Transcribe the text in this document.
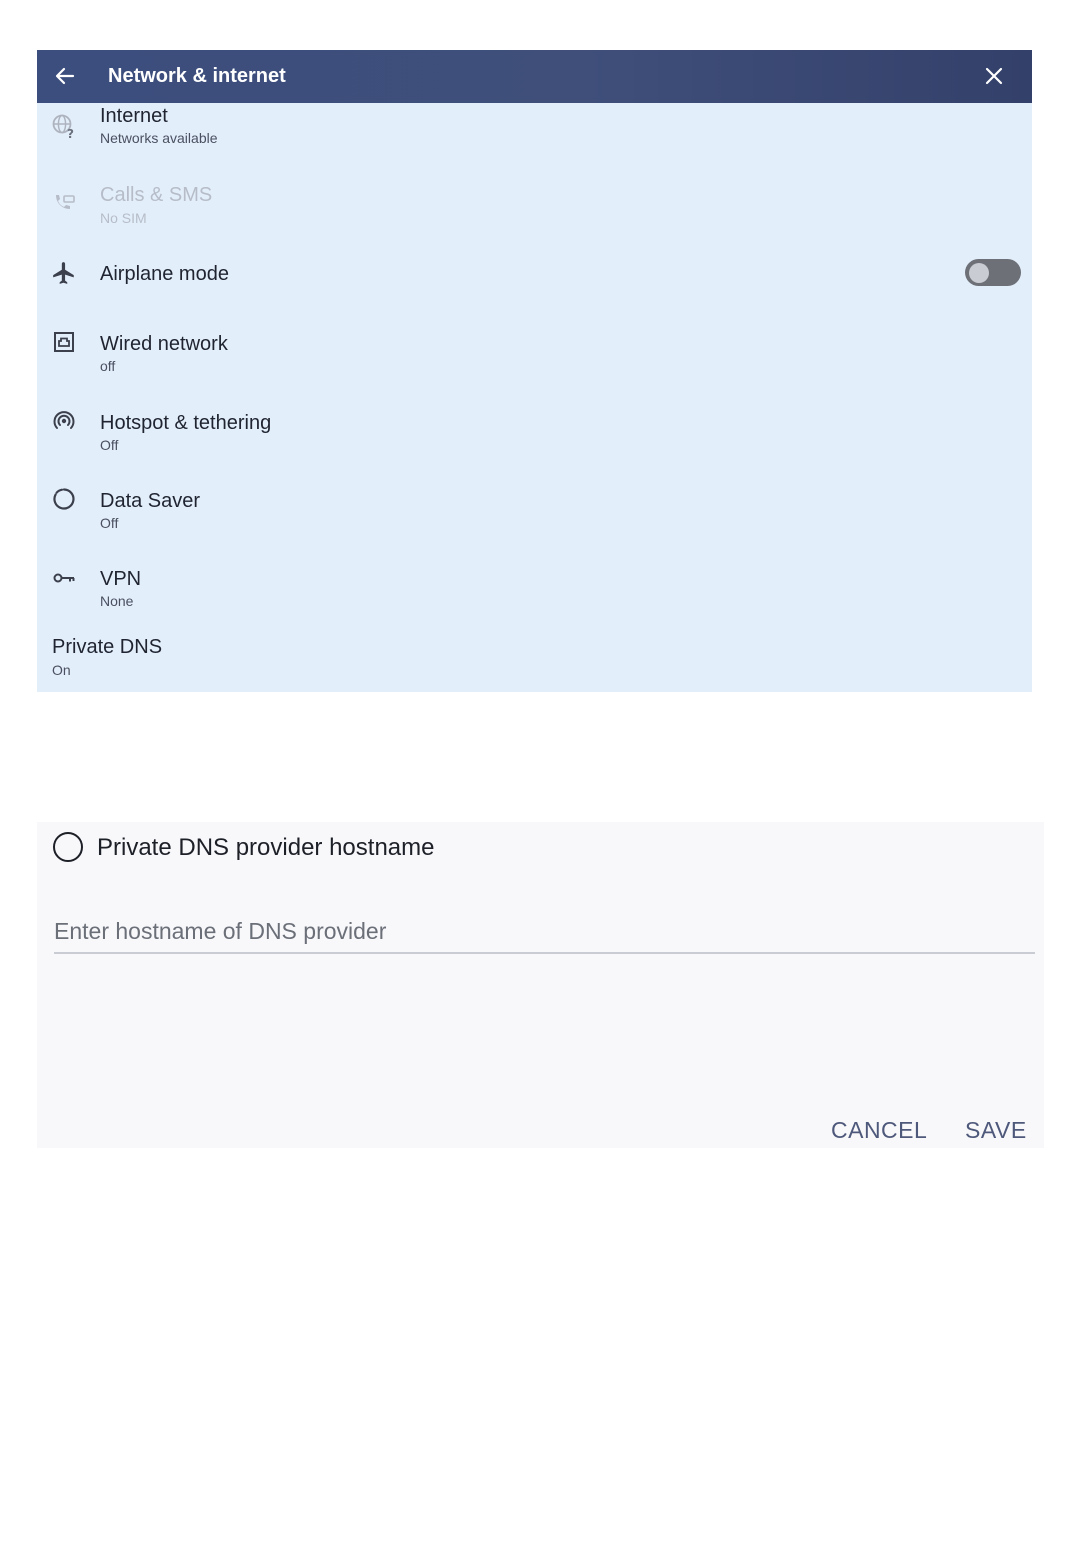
Network & internet
?
Internet
Networks available
Calls & SMS
No SIM
Airplane mode
Wired network
off
Hotspot & tethering
Off
Data Saver
Off
VPN
None
Private DNS
On
Private DNS provider hostname
Enter hostname of DNS provider
CANCEL SAVE
